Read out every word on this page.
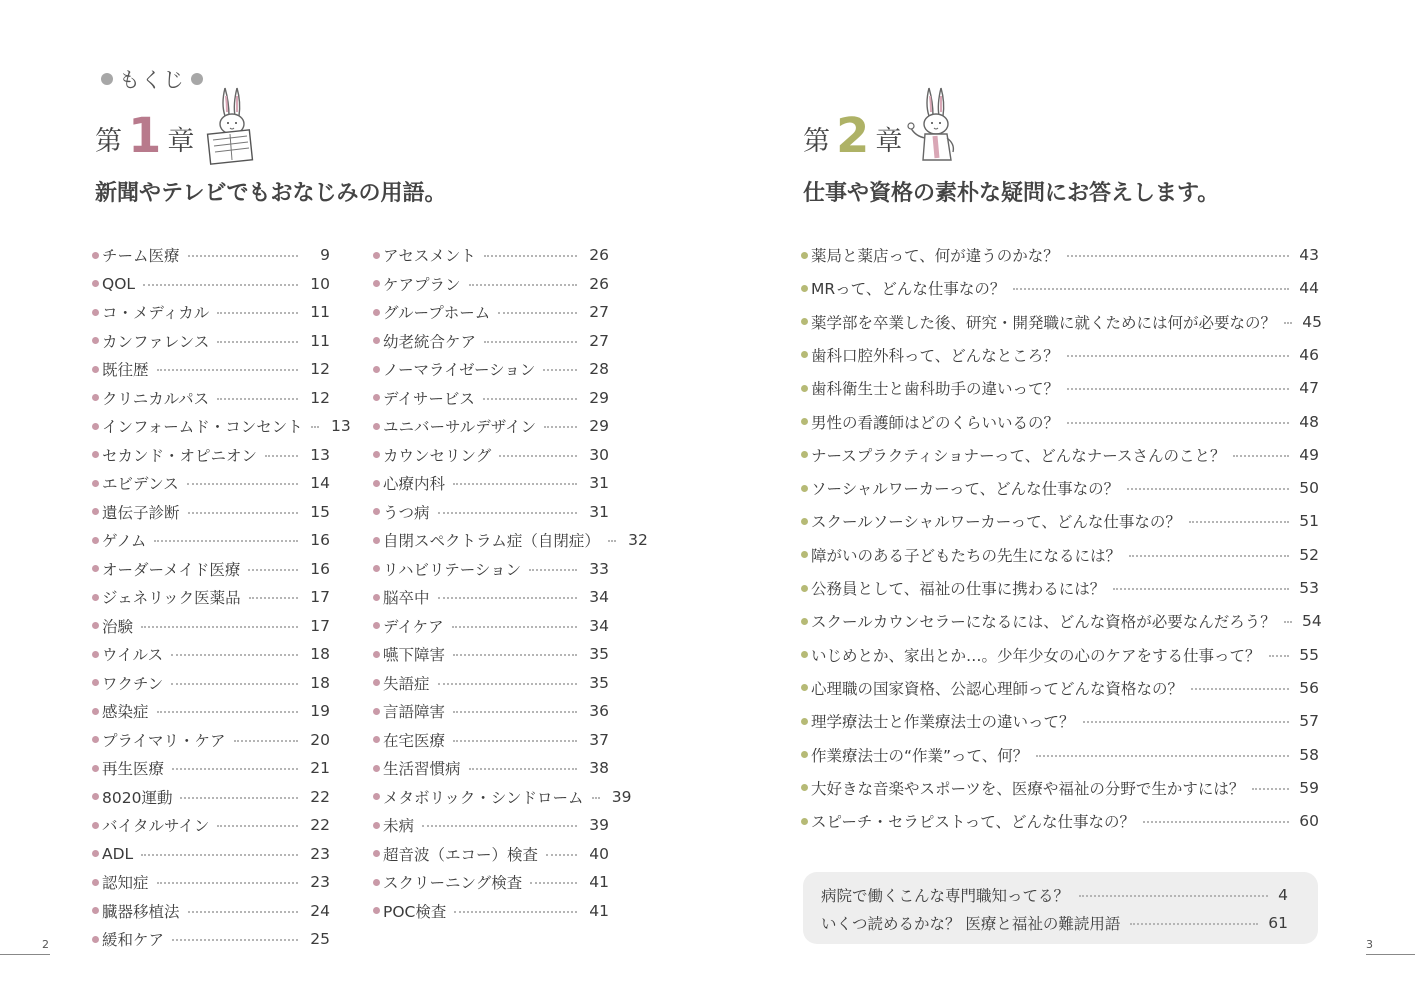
もくじ
第 1 章
新聞やテレビでもおなじみの用語。
第 2 章
仕事や資格の素朴な疑問にお答えします。
チーム医療	9
QOL	10
コ・メディカル	11
カンファレンス	11
既往歴	12
クリニカルパス	12
インフォームド・コンセント 13
セカンド・オピニオン	13
エビデンス	14
遺伝子診断	15
ゲノム	16
オーダーメイド医療	16
ジェネリック医薬品	17
治験	17
ウイルス	18
ワクチン	18
感染症	19
プライマリ・ケア	20
再生医療	21
8020運動	22
バイタルサイン	22
ADL	23
認知症	23
臓器移植法	24
緩和ケア	25
アセスメント	26
ケアプラン	26
グループホーム	27
幼老統合ケア	27
ノーマライゼーション	28
デイサービス	29
ユニバーサルデザイン	29
カウンセリング	30
心療内科	31
うつ病	31
自閉スペクトラム症（自閉症） 32
リハビリテーション	33
脳卒中	34
デイケア	34
嚥下障害	35
失語症	35
言語障害	36
在宅医療	37
生活習慣病	38
メタボリック・シンドローム 39
未病	39
超音波（エコー）検査	40
スクリーニング検査	41
POC検査	41
薬局と薬店って、何が違うのかな？	43
MRって、どんな仕事なの？	44
薬学部を卒業した後、研究・開発職に就くためには何が必要なの？ 45
歯科口腔外科って、どんなところ？	46
歯科衛生士と歯科助手の違いって？	47
男性の看護師はどのくらいいるの？	48
ナースプラクティショナーって、どんなナースさんのこと？	49
ソーシャルワーカーって、どんな仕事なの？	50
スクールソーシャルワーカーって、どんな仕事なの？	51
障がいのある子どもたちの先生になるには？	52
公務員として、福祉の仕事に携わるには？	53
スクールカウンセラーになるには、どんな資格が必要なんだろう？ 54
いじめとか、家出とか…。少年少女の心のケアをする仕事って？	55
心理職の国家資格、公認心理師ってどんな資格なの？	56
理学療法士と作業療法士の違いって？	57
作業療法士の“作業”って、何？	58
大好きな音楽やスポーツを、医療や福祉の分野で生かすには？	59
スピーチ・セラピストって、どんな仕事なの？	60
病院で働くこんな専門職知ってる？	4
いくつ読めるかな？ 医療と福祉の難読用語	61
2	3
